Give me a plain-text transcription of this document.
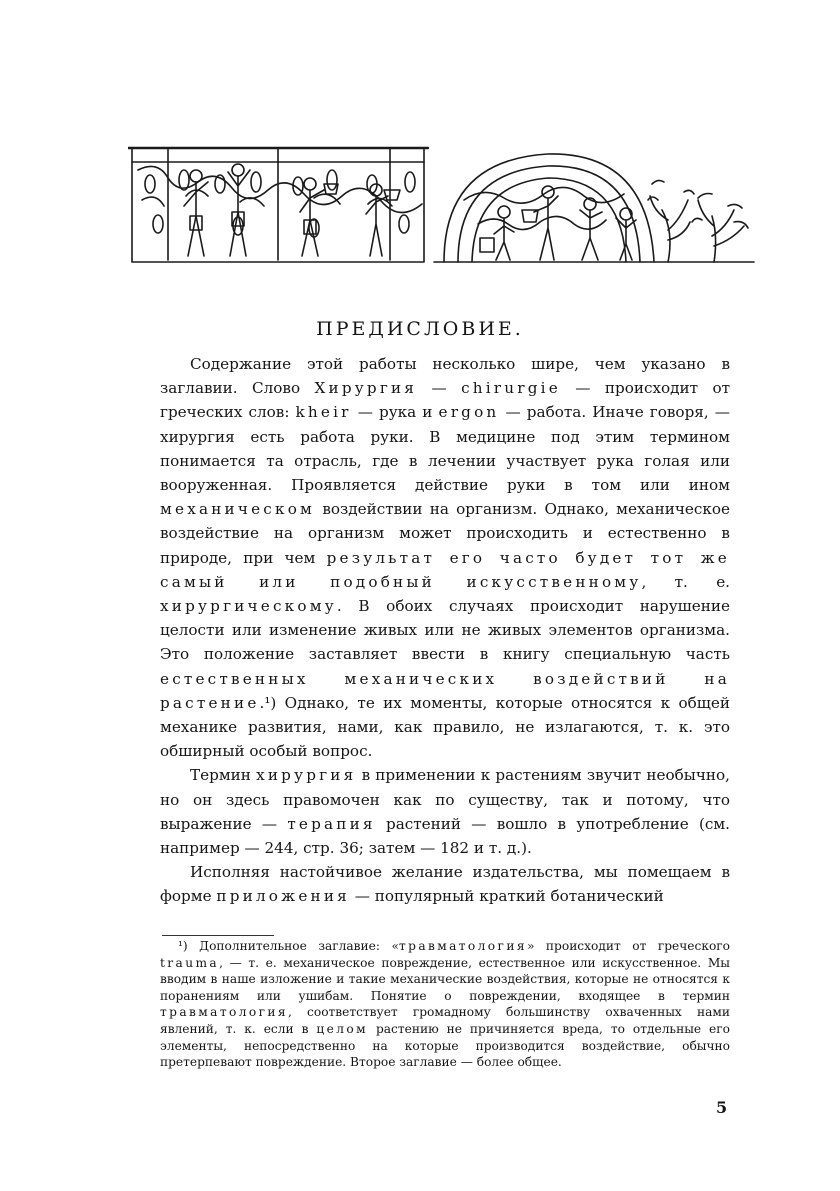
ПРЕДИСЛОВИЕ.

Содержание этой работы несколько шире, чем указано в заглавии. Слово Хирургия — chirurgie — происходит от греческих слов: kheir — рука и ergon — работа. Иначе говоря, — хирургия есть работа руки. В медицине под этим термином понимается та отрасль, где в лечении участвует рука голая или вооруженная. Проявляется действие руки в том или ином механическом воздействии на организм. Однако, механическое воздействие на организм может происходить и естественно в природе, при чем результат его часто будет тот же самый или подобный искусственному, т. е. хирургическому. В обоих случаях происходит нарушение целости или изменение живых или не живых элементов организма. Это положение заставляет ввести в книгу специальную часть естественных механических воздействий на растение.¹) Однако, те их моменты, которые относятся к общей механике развития, нами, как правило, не излагаются, т. к. это обширный особый вопрос.

Термин хирургия в применении к растениям звучит необычно, но он здесь правомочен как по существу, так и потому, что выражение — терапия растений — вошло в употребление (см. например — 244, стр. 36; затем — 182 и т. д.).

Исполняя настойчивое желание издательства, мы помещаем в форме приложения — популярный краткий ботанический

¹) Дополнительное заглавие: «травматология» происходит от греческого trauma, — т. е. механическое повреждение, естественное или искусственное. Мы вводим в наше изложение и такие механические воздействия, которые не относятся к поранениям или ушибам. Понятие о повреждении, входящее в термин травматология, соответствует громадному большинству охваченных нами явлений, т. к. если в целом растению не причиняется вреда, то отдельные его элементы, непосредственно на которые производится воздействие, обычно претерпевают повреждение. Второе заглавие — более общее.

5
